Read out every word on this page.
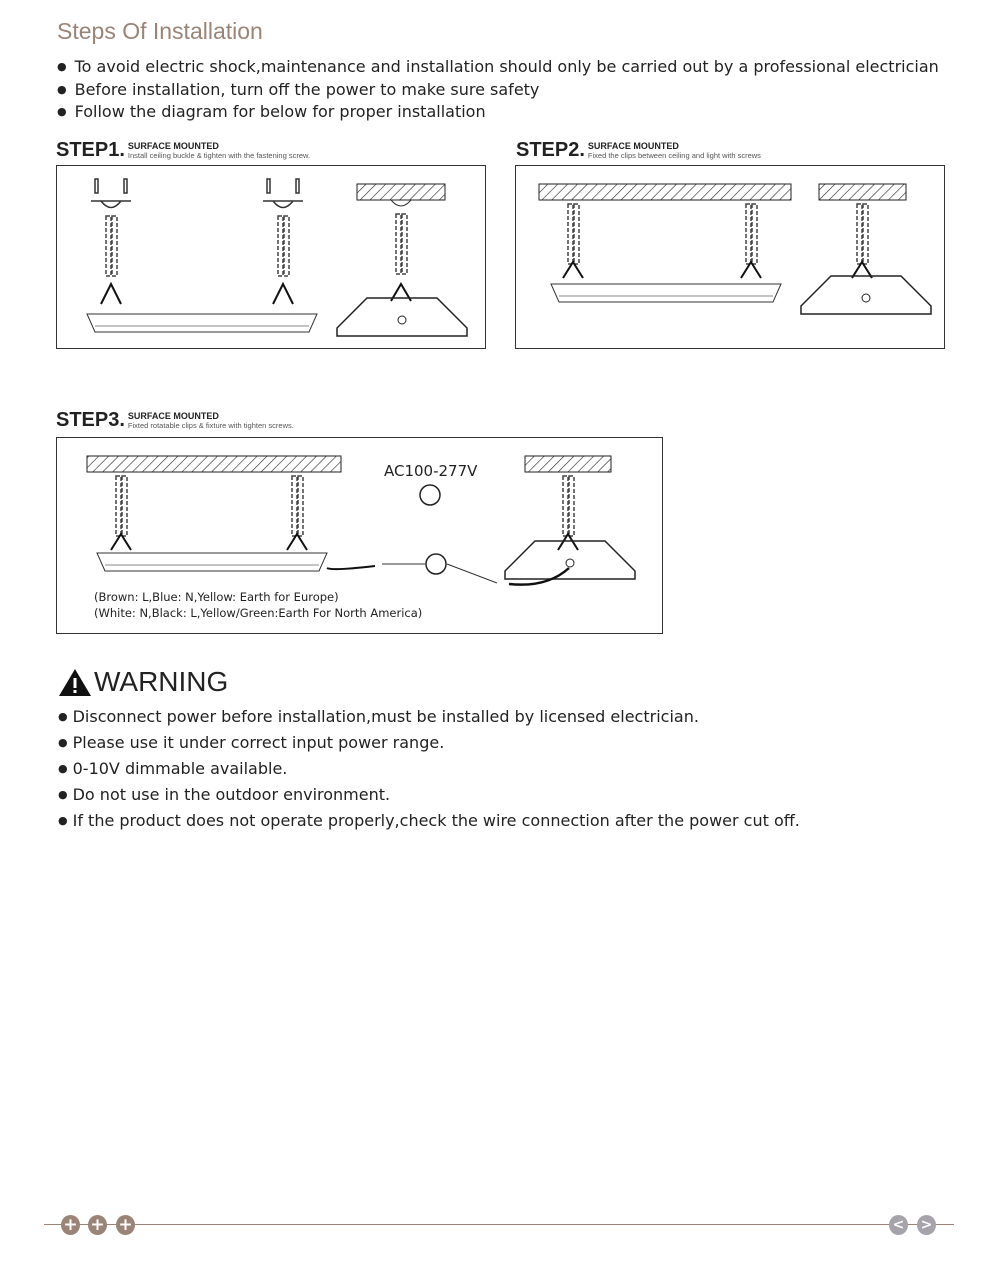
Steps Of Installation
● To avoid electric shock,maintenance and installation should only be carried out by a professional electrician
● Before installation, turn off the power to make sure safety
● Follow the diagram for below for proper installation
STEP1. SURFACE MOUNTED
Install ceiling buckle & tighten with the fastening screw.	STEP2. SURFACE MOUNTED
Fixed the clips between ceiling and light with screws
STEP3. SURFACE MOUNTED
Fixted rotatable clips & fixture with tighten screws.
AC100-277V
(Brown: L,Blue: N,Yellow: Earth for Europe)
(White: N,Black: L,Yellow/Green:Earth For North America)
WARNING
● Disconnect power before installation,must be installed by licensed electrician.
● Please use it under correct input power range.
● 0-10V dimmable available.
● Do not use in the outdoor environment.
● If the product does not operate properly,check the wire connection after the power cut off.
+ + +	< >
